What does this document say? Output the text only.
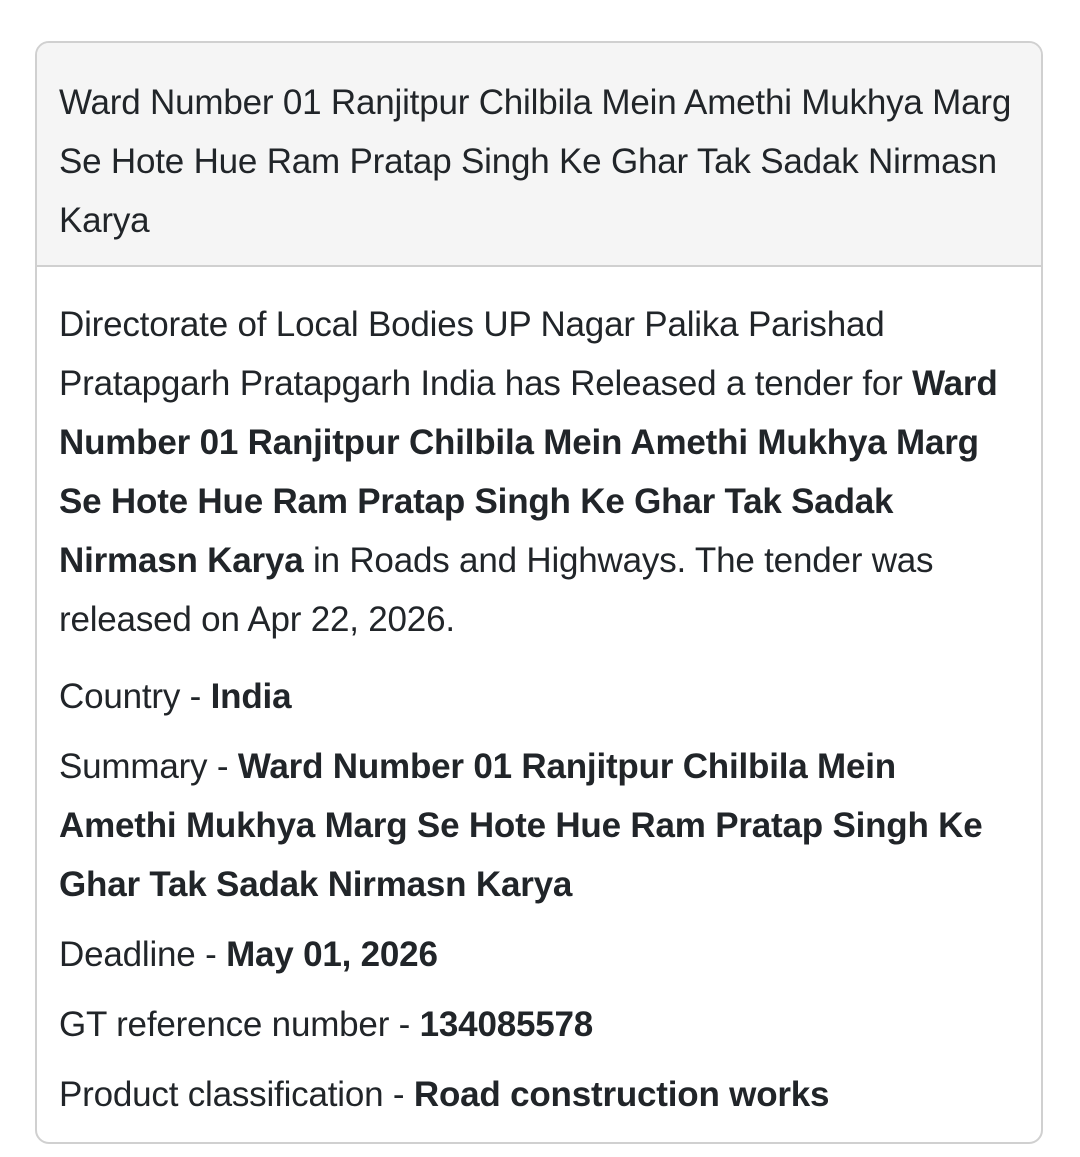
Ward Number 01 Ranjitpur Chilbila Mein Amethi Mukhya Marg Se Hote Hue Ram Pratap Singh Ke Ghar Tak Sadak Nirmasn Karya

Directorate of Local Bodies UP Nagar Palika Parishad Pratapgarh Pratapgarh India has Released a tender for Ward Number 01 Ranjitpur Chilbila Mein Amethi Mukhya Marg Se Hote Hue Ram Pratap Singh Ke Ghar Tak Sadak Nirmasn Karya in Roads and Highways. The tender was released on Apr 22, 2026.

Country - India

Summary - Ward Number 01 Ranjitpur Chilbila Mein Amethi Mukhya Marg Se Hote Hue Ram Pratap Singh Ke Ghar Tak Sadak Nirmasn Karya

Deadline - May 01, 2026

GT reference number - 134085578

Product classification - Road construction works
